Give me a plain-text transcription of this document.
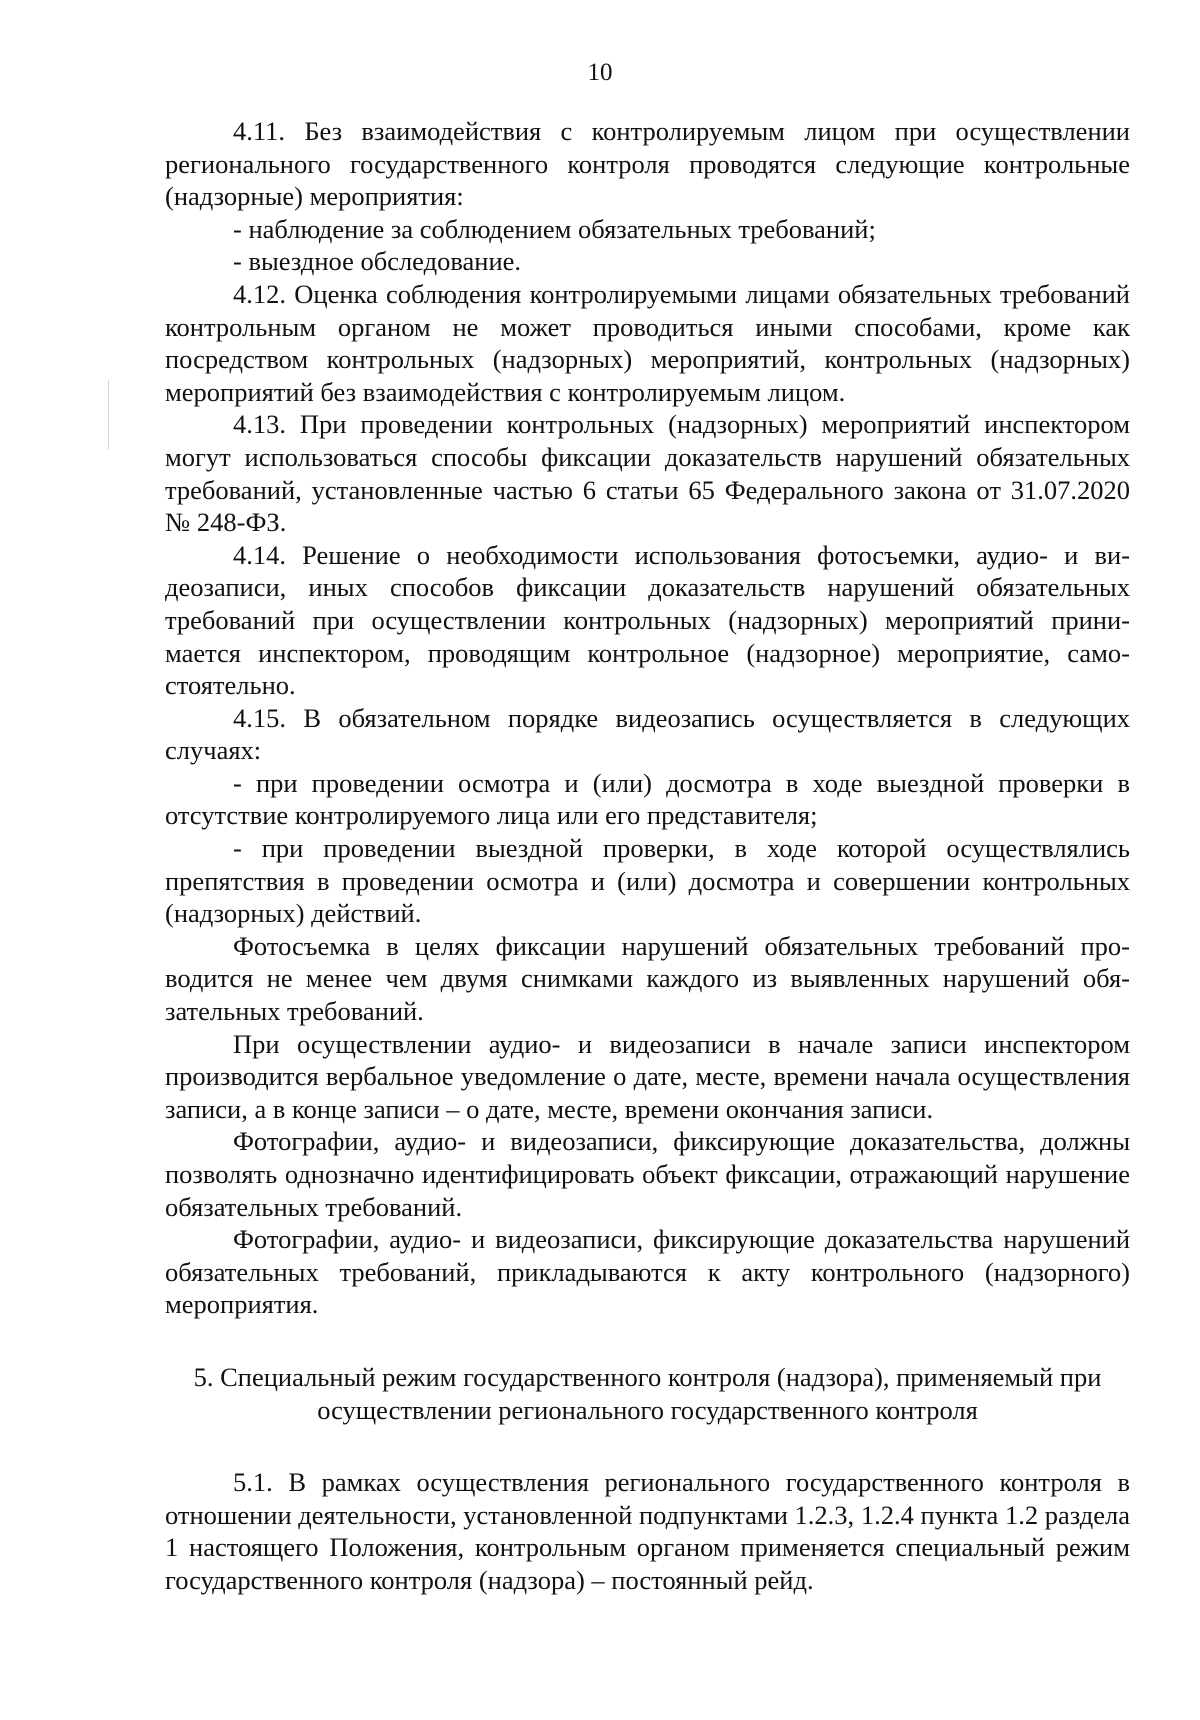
10

4.11. Без взаимодействия с контролируемым лицом при осуществлении регионального государственного контроля проводятся следующие контрольные (надзорные) мероприятия:

- наблюдение за соблюдением обязательных требований;

- выездное обследование.

4.12. Оценка соблюдения контролируемыми лицами обязательных требований контрольным органом не может проводиться иными способами, кроме как посредством контрольных (надзорных) мероприятий, контрольных (надзорных) мероприятий без взаимодействия с контролируемым лицом.

4.13. При проведении контрольных (надзорных) мероприятий инспектором могут использоваться способы фиксации доказательств нарушений обязательных требований, установленные частью 6 статьи 65 Федерального закона от 31.07.2020 № 248-ФЗ.

4.14. Решение о необходимости использования фотосъемки, аудио- и видеозаписи, иных способов фиксации доказательств нарушений обязательных требований при осуществлении контрольных (надзорных) мероприятий принимается инспектором, проводящим контрольное (надзорное) мероприятие, самостоятельно.

4.15. В обязательном порядке видеозапись осуществляется в следующих случаях:

- при проведении осмотра и (или) досмотра в ходе выездной проверки в отсутствие контролируемого лица или его представителя;

- при проведении выездной проверки, в ходе которой осуществлялись препятствия в проведении осмотра и (или) досмотра и совершении контрольных (надзорных) действий.

Фотосъемка в целях фиксации нарушений обязательных требований проводится не менее чем двумя снимками каждого из выявленных нарушений обязательных требований.

При осуществлении аудио- и видеозаписи в начале записи инспектором производится вербальное уведомление о дате, месте, времени начала осуществления записи, а в конце записи – о дате, месте, времени окончания записи.

Фотографии, аудио- и видеозаписи, фиксирующие доказательства, должны позволять однозначно идентифицировать объект фиксации, отражающий нарушение обязательных требований.

Фотографии, аудио- и видеозаписи, фиксирующие доказательства нарушений обязательных требований, прикладываются к акту контрольного (надзорного) мероприятия.

5. Специальный режим государственного контроля (надзора), применяемый при осуществлении регионального государственного контроля

5.1. В рамках осуществления регионального государственного контроля в отношении деятельности, установленной подпунктами 1.2.3, 1.2.4 пункта 1.2 раздела 1 настоящего Положения, контрольным органом применяется специальный режим государственного контроля (надзора) – постоянный рейд.
